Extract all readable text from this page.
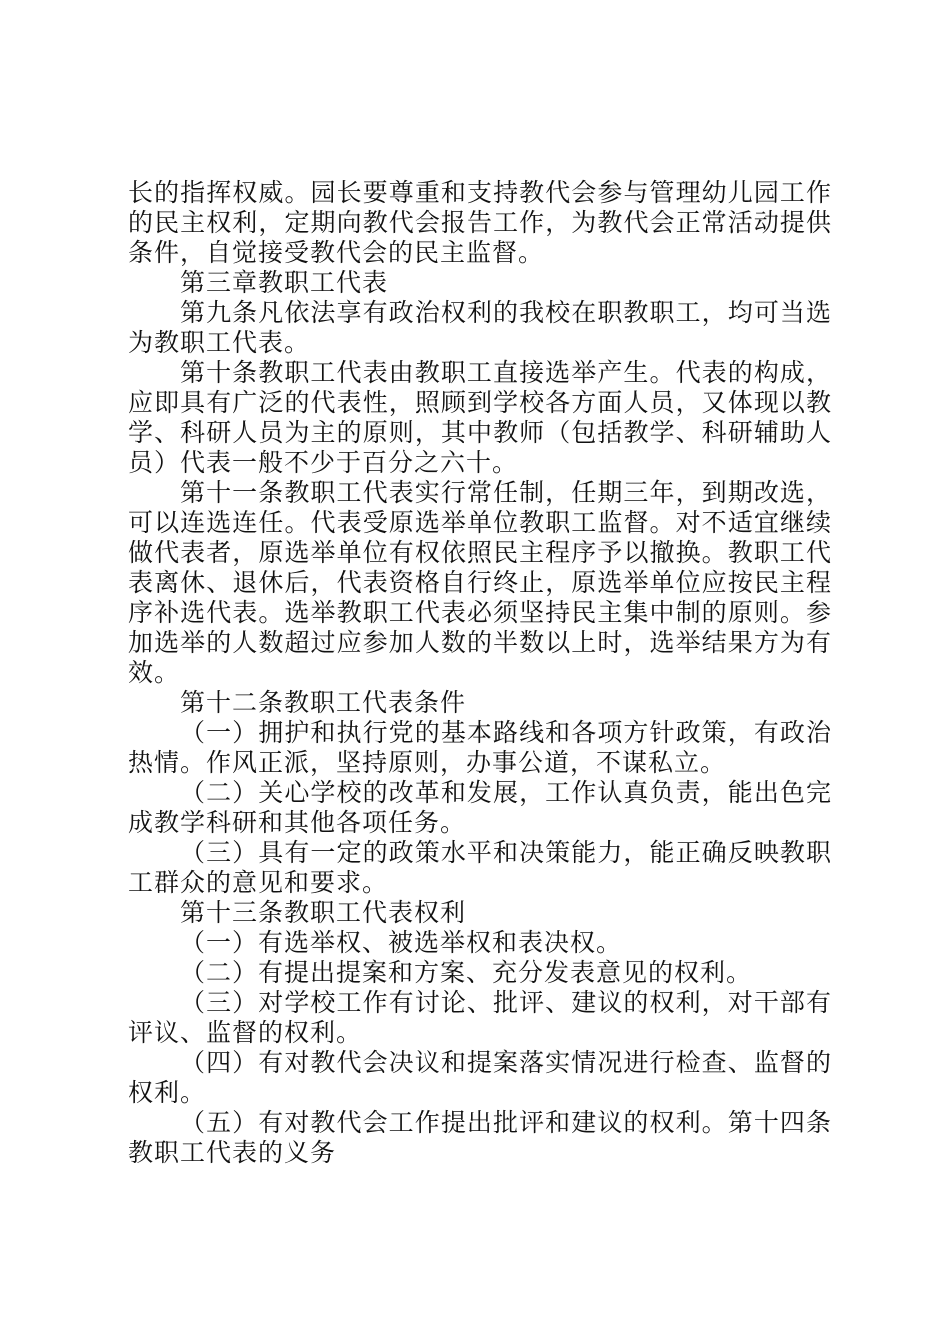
长的指挥权威。园长要尊重和支持教代会参与管理幼儿园工作的民主权利，定期向教代会报告工作，为教代会正常活动提供条件，自觉接受教代会的民主监督。

第三章教职工代表

第九条凡依法享有政治权利的我校在职教职工，均可当选为教职工代表。

第十条教职工代表由教职工直接选举产生。代表的构成，应即具有广泛的代表性，照顾到学校各方面人员，又体现以教学、科研人员为主的原则，其中教师（包括教学、科研辅助人员）代表一般不少于百分之六十。

第十一条教职工代表实行常任制，任期三年，到期改选，可以连选连任。代表受原选举单位教职工监督。对不适宜继续做代表者，原选举单位有权依照民主程序予以撤换。教职工代表离休、退休后，代表资格自行终止，原选举单位应按民主程序补选代表。选举教职工代表必须坚持民主集中制的原则。参加选举的人数超过应参加人数的半数以上时，选举结果方为有效。

第十二条教职工代表条件

（一）拥护和执行党的基本路线和各项方针政策，有政治热情。作风正派，坚持原则，办事公道，不谋私立。

（二）关心学校的改革和发展，工作认真负责，能出色完成教学科研和其他各项任务。

（三）具有一定的政策水平和决策能力，能正确反映教职工群众的意见和要求。

第十三条教职工代表权利

（一）有选举权、被选举权和表决权。

（二）有提出提案和方案、充分发表意见的权利。

（三）对学校工作有讨论、批评、建议的权利，对干部有评议、监督的权利。

（四）有对教代会决议和提案落实情况进行检查、监督的权利。

（五）有对教代会工作提出批评和建议的权利。第十四条教职工代表的义务
